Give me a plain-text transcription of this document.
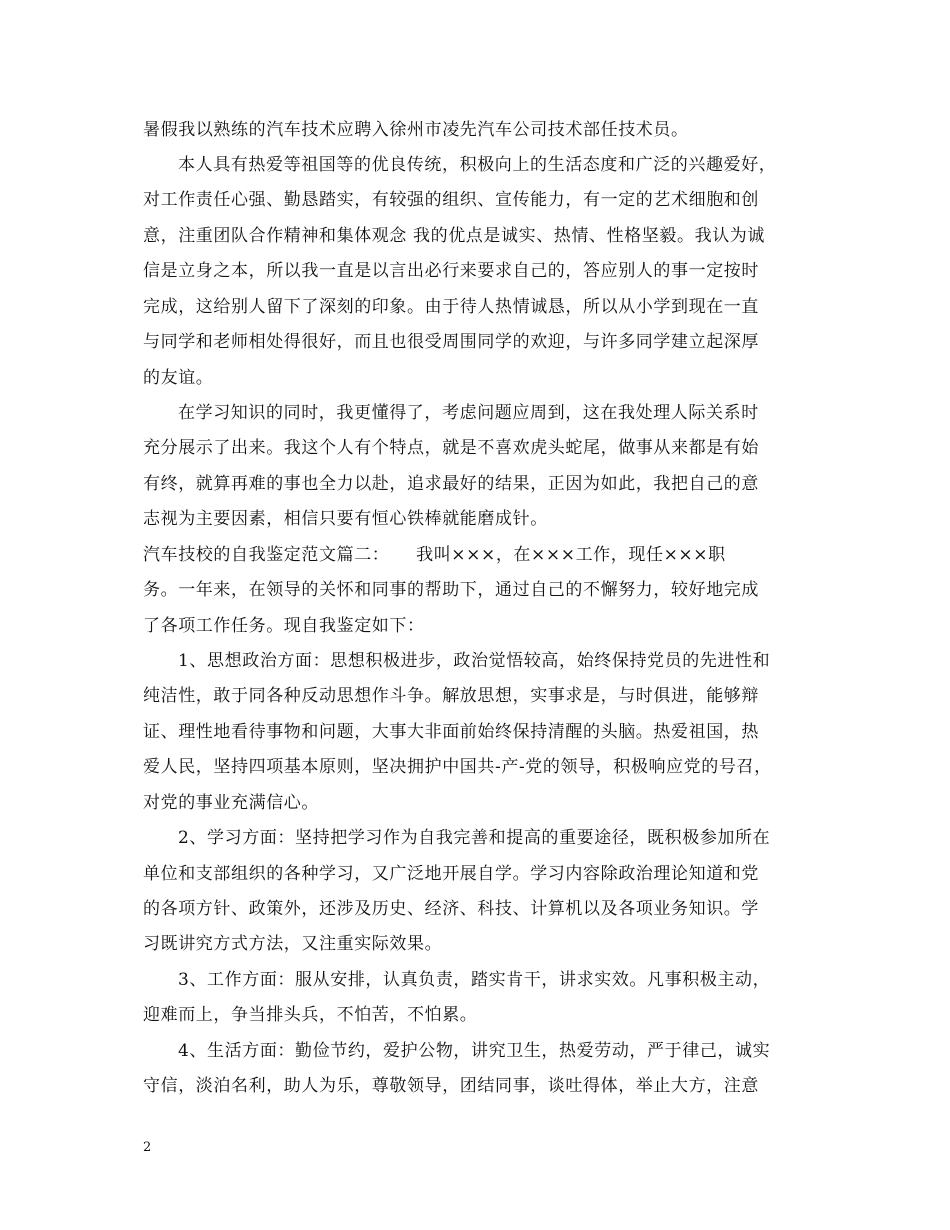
暑假我以熟练的汽车技术应聘入徐州市凌先汽车公司技术部任技术员。
本人具有热爱等祖国等的优良传统，积极向上的生活态度和广泛的兴趣爱好，
对工作责任心强、勤恳踏实，有较强的组织、宣传能力，有一定的艺术细胞和创
意，注重团队合作精神和集体观念 我的优点是诚实、热情、性格坚毅。我认为诚
信是立身之本，所以我一直是以言出必行来要求自己的，答应别人的事一定按时
完成，这给别人留下了深刻的印象。由于待人热情诚恳，所以从小学到现在一直
与同学和老师相处得很好，而且也很受周围同学的欢迎，与许多同学建立起深厚
的友谊。
在学习知识的同时，我更懂得了，考虑问题应周到，这在我处理人际关系时
充分展示了出来。我这个人有个特点，就是不喜欢虎头蛇尾，做事从来都是有始
有终，就算再难的事也全力以赴，追求最好的结果，正因为如此，我把自己的意
志视为主要因素，相信只要有恒心铁棒就能磨成针。
汽车技校的自我鉴定范文篇二：　　我叫×××，在×××工作，现任×××职
务。一年来，在领导的关怀和同事的帮助下，通过自己的不懈努力，较好地完成
了各项工作任务。现自我鉴定如下：
1、思想政治方面：思想积极进步，政治觉悟较高，始终保持党员的先进性和
纯洁性，敢于同各种反动思想作斗争。解放思想，实事求是，与时俱进，能够辩
证、理性地看待事物和问题，大事大非面前始终保持清醒的头脑。热爱祖国，热
爱人民，坚持四项基本原则，坚决拥护中国共-产-党的领导，积极响应党的号召，
对党的事业充满信心。
2、学习方面：坚持把学习作为自我完善和提高的重要途径，既积极参加所在
单位和支部组织的各种学习，又广泛地开展自学。学习内容除政治理论知道和党
的各项方针、政策外，还涉及历史、经济、科技、计算机以及各项业务知识。学
习既讲究方式方法，又注重实际效果。
3、工作方面：服从安排，认真负责，踏实肯干，讲求实效。凡事积极主动，
迎难而上，争当排头兵，不怕苦，不怕累。
4、生活方面：勤俭节约，爱护公物，讲究卫生，热爱劳动，严于律己，诚实
守信，淡泊名利，助人为乐，尊敬领导，团结同事，谈吐得体，举止大方，注意
2
